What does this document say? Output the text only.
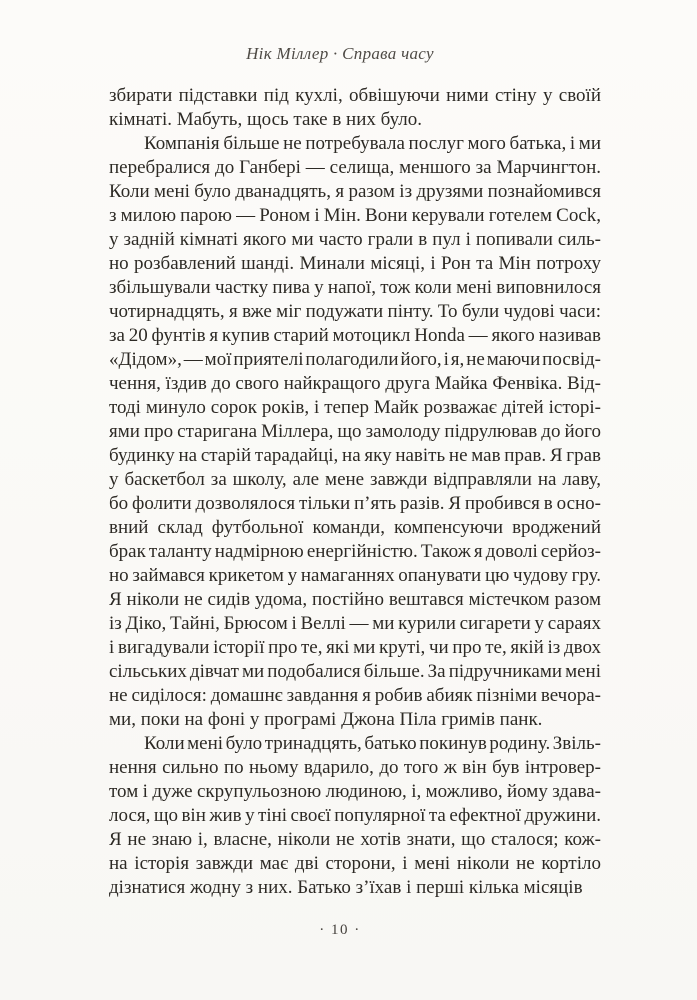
Нік Міллер · Справа часу
збирати підставки під кухлі, обвішуючи ними стіну у своїй
кімнаті. Мабуть, щось таке в них було.
Компанія більше не потребувала послуг мого батька, і ми
перебралися до Ганбері — селища, меншого за Марчингтон.
Коли мені було дванадцять, я разом із друзями познайомився
з милою парою — Роном і Мін. Вони керували готелем Cock,
у задній кімнаті якого ми часто грали в пул і попивали силь-
но розбавлений шанді. Минали місяці, і Рон та Мін потроху
збільшували частку пива у напої, тож коли мені виповнилося
чотирнадцять, я вже міг подужати пінту. То були чудові часи:
за 20 фунтів я купив старий мотоцикл Honda — якого називав
«Дідом», — мої приятелі полагодили його, і я, не маючи посвід-
чення, їздив до свого найкращого друга Майка Фенвіка. Від-
тоді минуло сорок років, і тепер Майк розважає дітей історі-
ями про старигана Міллера, що замолоду підрулював до його
будинку на старій тарадайці, на яку навіть не мав прав. Я грав
у баскетбол за школу, але мене завжди відправляли на лаву,
бо фолити дозволялося тільки п’ять разів. Я пробився в осно-
вний склад футбольної команди, компенсуючи вроджений
брак таланту надмірною енергійністю. Також я доволі серйоз-
но займався крикетом у намаганнях опанувати цю чудову гру.
Я ніколи не сидів удома, постійно вештався містечком разом
із Діко, Тайні, Брюсом і Веллі — ми курили сигарети у сараях
і вигадували історії про те, які ми круті, чи про те, якій із двох
сільських дівчат ми подобалися більше. За підручниками мені
не сиділося: домашнє завдання я робив абияк пізніми вечора-
ми, поки на фоні у програмі Джона Піла гримів панк.
Коли мені було тринадцять, батько покинув родину. Звіль-
нення сильно по ньому вдарило, до того ж він був інтровер-
том і дуже скрупульозною людиною, і, можливо, йому здава-
лося, що він жив у тіні своєї популярної та ефектної дружини.
Я не знаю і, власне, ніколи не хотів знати, що сталося; кож-
на історія завжди має дві сторони, і мені ніколи не кортіло
дізнатися жодну з них. Батько з’їхав і перші кілька місяців
· 10 ·
